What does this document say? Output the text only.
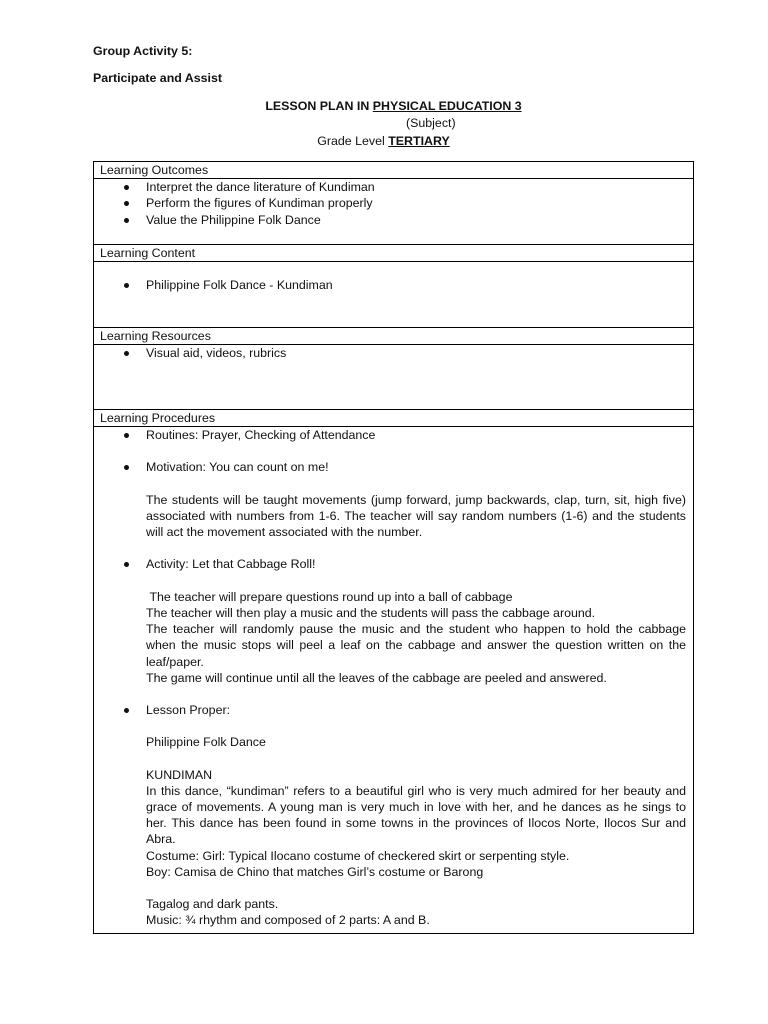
Group Activity 5:
Participate and Assist
LESSON PLAN IN PHYSICAL EDUCATION 3
(Subject)
Grade Level TERTIARY
Learning Outcomes

Interpret the dance literature of Kundiman
Perform the figures of Kundiman properly
Value the Philippine Folk Dance

Learning Content

Philippine Folk Dance - Kundiman

Learning Resources

Visual aid, videos, rubrics

Learning Procedures

Routines: Prayer, Checking of Attendance
Motivation: You can count on me!
The students will be taught movements (jump forward, jump backwards, clap, turn, sit, high five) associated with numbers from 1-6. The teacher will say random numbers (1-6) and the students will act the movement associated with the number.
Activity: Let that Cabbage Roll!
The teacher will prepare questions round up into a ball of cabbage
The teacher will then play a music and the students will pass the cabbage around.
The teacher will randomly pause the music and the student who happen to hold the cabbage when the music stops will peel a leaf on the cabbage and answer the question written on the leaf/paper.
The game will continue until all the leaves of the cabbage are peeled and answered.
Lesson Proper:
Philippine Folk Dance
KUNDIMAN
In this dance, “kundiman” refers to a beautiful girl who is very much admired for her beauty and grace of movements. A young man is very much in love with her, and he dances as he sings to her. This dance has been found in some towns in the provinces of Ilocos Norte, Ilocos Sur and Abra.
Costume: Girl: Typical Ilocano costume of checkered skirt or serpenting style.
Boy: Camisa de Chino that matches Girl’s costume or Barong
Tagalog and dark pants.
Music: ¾ rhythm and composed of 2 parts: A and B.
